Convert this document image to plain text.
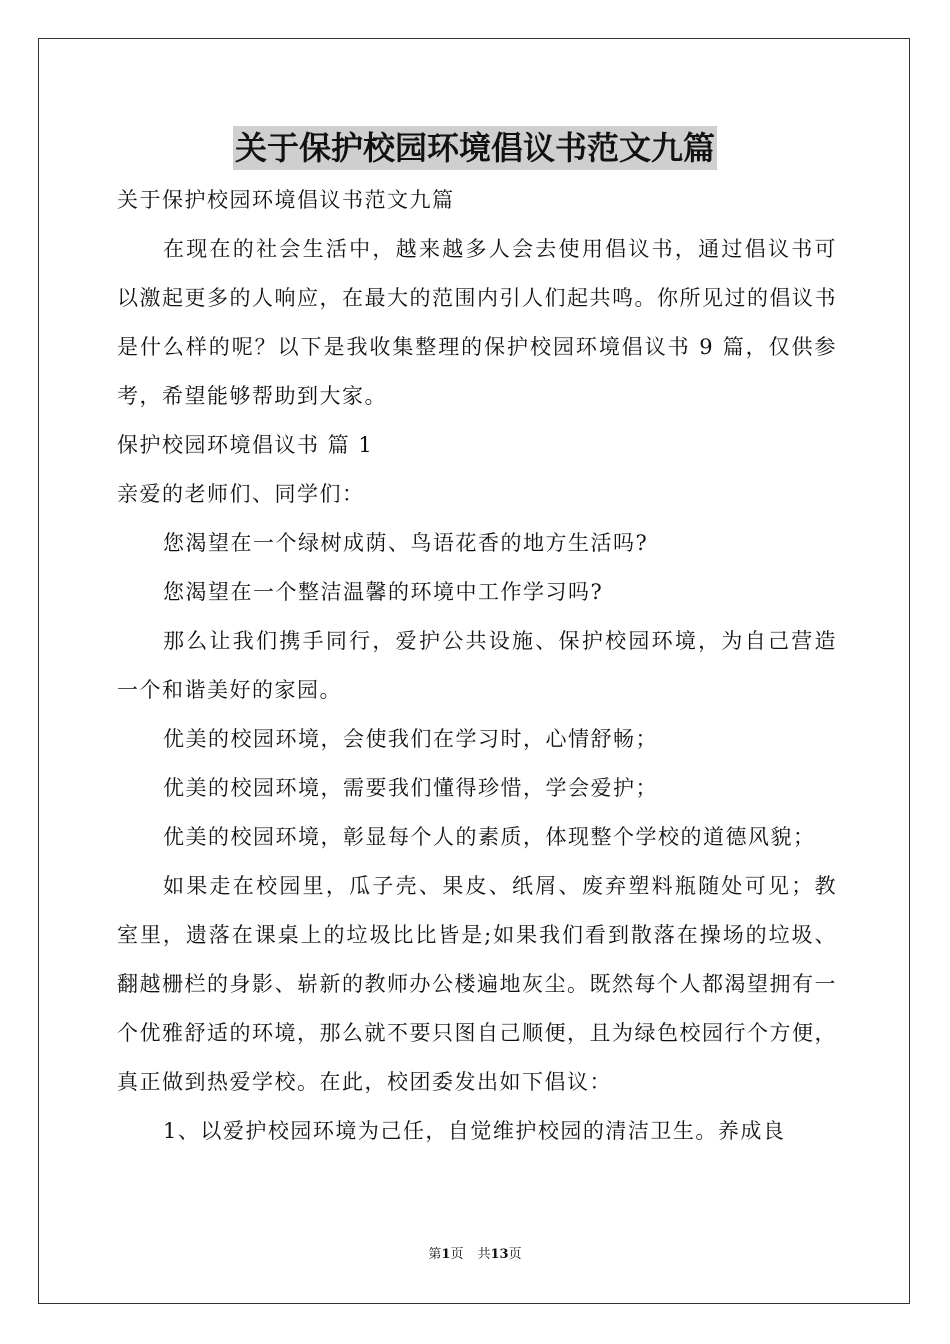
关于保护校园环境倡议书范文九篇

关于保护校园环境倡议书范文九篇

在现在的社会生活中，越来越多人会去使用倡议书，通过倡议书可以激起更多的人响应，在最大的范围内引人们起共鸣。你所见过的倡议书是什么样的呢？以下是我收集整理的保护校园环境倡议书 9 篇，仅供参考，希望能够帮助到大家。

保护校园环境倡议书 篇 1

亲爱的老师们、同学们：

您渴望在一个绿树成荫、鸟语花香的地方生活吗?

您渴望在一个整洁温馨的环境中工作学习吗?

那么让我们携手同行，爱护公共设施、保护校园环境，为自己营造一个和谐美好的家园。

优美的校园环境，会使我们在学习时，心情舒畅；

优美的校园环境，需要我们懂得珍惜，学会爱护；

优美的校园环境，彰显每个人的素质，体现整个学校的道德风貌；

如果走在校园里，瓜子壳、果皮、纸屑、废弃塑料瓶随处可见；教室里，遗落在课桌上的垃圾比比皆是;如果我们看到散落在操场的垃圾、翻越栅栏的身影、崭新的教师办公楼遍地灰尘。既然每个人都渴望拥有一个优雅舒适的环境，那么就不要只图自己顺便，且为绿色校园行个方便，真正做到热爱学校。在此，校团委发出如下倡议：

1、以爱护校园环境为己任，自觉维护校园的清洁卫生。养成良

第1页 共13页
